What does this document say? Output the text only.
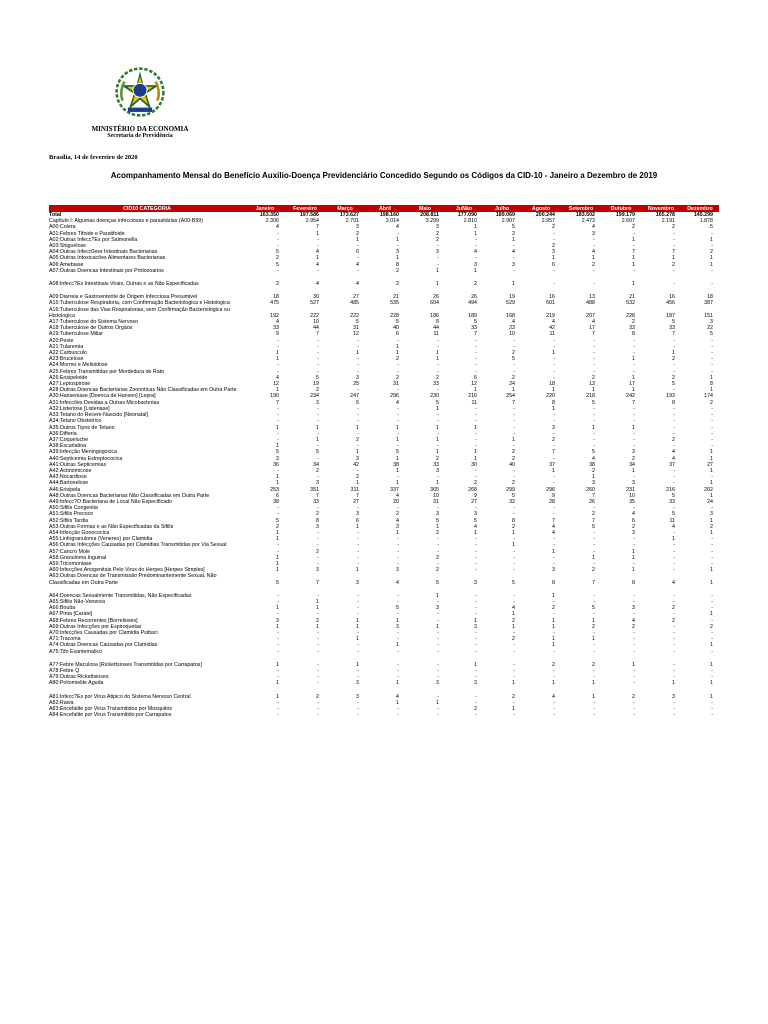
MINISTÉRIO DA ECONOMIA
Secretaria de Previdência
Brasília, 14 de fevereiro de 2020
Acompanhamento Mensal do Benefício Auxílio-Doença Previdenciário Concedido Segundo os Códigos da CID-10 - Janeiro a Dezembro de 2019
CID10 CATEGORIA	Janeiro	Fevereiro	Março	Abril	Maio	JuNão	Julho	Agosto	Setembro	Outubro	Novembro	Dezembro
Total	163.350	197.586	173.627	198.160	208.811	177.090	189.069	200.244	183.502	199.179	165.278	145.299
Capítulo I: Algumas doenças infecciosas e parasitárias (A00-B99)	2.306	2.954	2.701	3.014	3.299	2.810	2.907	2.957	2.473	2.607	2.191	1.878
A00:Colera	4	7	3	4	3	1	5	2	4	2	2	5
A01:Febres Tifoide e Paratifoide	-	1	2	-	2	1	2	-	3	-	-	-
A02:Outras Infecc?Es por Salmonella	-	-	1	1	2	-	1	-	-	1	-	1
A03:Shiguelose	-	-	-	-	-	-	-	2	-	-	-	-
A04:Outras Infecc0ess Intestinais Bacterianas	5	4	6	3	3	4	4	3	4	7	7	2
A05:Outras Intoxicacões Alimentares Bacterianas	2	1	-	1	-	-	-	1	1	1	1	1
A06:Amebiase	5	4	4	8	-	3	3	6	2	1	2	1
A07:Outras Doencas Intestinais por Protozoarios	-	-	-	2	1	1	-	-	-	-	-	-

A08:Infecc?Es Intestinais Virais, Outras e as Não Especificadas	2	4	4	2	1	2	1	-	-	1	-	-

A09:Diarreia e Gastroenterite de Origem Infecciosa Presumivel	18	30	27	21	26	26	19	16	13	21	16	18
A15:Tuberculose Respiratoria, com Confirmação Bacteriologica e Histologica	475	527	485	535	604	494	529	601	488	532	456	387
A16:Tuberculose das Vias Respiratorias, sem Confirmação Bacteriologica ou Histologica	192	222	222	228	186	189	168	219	207	228	187	151
A17:Tuberculose do Sistema Nervoso	4	10	5	5	8	5	4	4	4	2	5	3
A18:Tuberculose de Outros Orgãos	33	44	31	40	44	33	23	42	17	33	33	22
A19:Tuberculose Miliar	9	7	12	6	11	7	10	11	7	8	7	5
A20:Peste	-	-	-	-	-	-	-	-	-	-	-	-
A21:Tularemia	-	-	-	1	-	-	-	-	-	-	-	-
A22:Carbunculo	1	-	1	1	1	-	2	1	-	-	1	-
A23:Brucelose	1	-	-	2	1	-	5	-	-	1	2	-
A24:Mormo e Melioidose	-	-	-	-	-	-	-	-	-	-	-	-
A25:Febres Transmitidas por Mordedura de Rato	-	-	-	-	-	-	-	-	-	-	-	-
A26:Erisipeloide	4	5	3	2	2	6	2	-	2	1	2	1
A27:Leptospirose	12	19	25	31	33	12	24	18	13	17	5	8
A28:Outras Doencas Bacterianas Zoonoticas Não Classificadas em Outra Parte	1	2	-	-	-	1	1	1	1	1	-	1
A30:Hanseniase [Doenca de Hansen] [Lepra]	190	234	247	296	230	216	254	220	218	242	193	174
A31:Infeccões Devidas a Outras Micobacterias	7	3	5	4	5	11	7	8	5	7	8	2
A32:Listeriose [Listeriase]	-	-	-	-	1	-	-	1	-	-	-	-
A33:Tetano do Recem-Nascido [Neonatal]	-	-	-	-	-	-	-	-	-	-	-	-
A34:Tetano Obstetrico	-	-	-	-	-	-	-	-	-	-	-	-
A35:Outros Tipos de Tetano	1	1	1	1	1	1	-	3	1	1	-	-
A36:Difteria	-	-	-	-	-	-	-	-	-	-	-	-
A37:Coqueluche	-	1	2	1	1	-	1	2	-	-	2	-
A38:Escarlatina	1	-	-	-	-	-	-	-	-	-	-	-
A39:Infecção Meningogocica	5	5	1	5	1	1	2	7	5	3	4	1
A40:Septicemia Estreptococica	3	-	3	1	2	1	2	-	4	2	4	1
A41:Outras Septicemias	36	34	42	38	33	30	40	37	38	34	37	27
A42:Actinomicose	-	2	-	1	3	-	-	1	2	1	-	1
A43:Nocardiose	1	-	2	-	-	-	-	-	1	-	-	-
A44:Bartonelose	1	3	1	1	1	2	2	-	3	3	-	1
A46:Erisipela	253	351	311	337	365	268	299	296	260	231	216	202
A48:Outras Doencas Bacterianas Não Classificadas em Outra Parte	6	7	7	4	10	9	5	9	7	10	5	1
A49:Infecc?O Bacteriana de Local Não Especificado	38	33	27	20	31	27	32	28	26	35	33	24
A50:Sifilis Congenita	-	-	-	-	-	-	-	-	-	-	-	-
A51:Sifilis Precoce	-	2	3	2	3	3	-	-	2	4	5	3
A52:Sifilis Tardia	5	8	6	4	5	5	8	7	7	6	11	1
A53:Outras Formas e as Não Especificadas da Sifilis	2	3	1	3	1	4	2	4	5	2	4	2
A54:Infecção Gonococica	1	-	-	1	2	1	1	4	-	3	-	1
A55:Linfogranuloma (Venereo) por Clamidia	1	-	-	-	-	-	-	-	-	-	1	-
A56:Outras Infecções Causadas por Clamidias Transmitidas por Via Sexual	-	-	-	-	-	-	1	-	-	-	-	-
A57:Cancro Mole	-	2	-	-	-	-	-	1	-	1	-	-
A58:Granuloma Inguinal	1	-	-	-	2	-	-	-	1	1	-	-
A59:Tricomoniase	1	-	-	-	-	-	-	-	-	-	-	-
A60:Infecções Anogenitais Pelo Virus do Herpes [Herpes Simples]	1	3	1	3	2	-	-	3	2	1	-	1
A63:Outras Doencas de Transmissão Predominantemente Sexual, Não Classificadas em Outra Parte	5	7	3	4	5	3	5	8	7	8	4	1

A64:Doencas Sexualmente Transmitidas, Não Especificadas	-	-	-	-	1	-	-	1	-	-	-	-
A65:Sifilis Não-Venerea	-	1	-	-	-	-	-	-	-	-	-	-
A66:Bouba	1	1	-	5	3	-	4	2	5	3	2	-
A67:Pinta [Carate]	-	-	-	-	-	-	1	-	-	-	-	1
A68:Febres Recorrentes [Borrelioses]	3	2	1	1	-	1	2	1	1	4	2	-
A69:Outras Infecções por Espiroquetas	1	1	1	3	1	3	1	1	2	2	-	2
A70:Infecções Causadas por Clamidia Psittaci	-	-	-	-	-	-	-	-	-	-	-	-
A71:Tracoma	-	-	1	-	-	-	2	1	1	-	-	-
A74:Outras Doencas Causadas por Clamidias	-	-	-	1	-	-	-	1	-	-	-	1
A75:Tifo Exantematico	-	-	-	-	-	-	-	-	-	-	-	-

A77:Febre Maculosa [Rickettsioses Transmitidas por Carrapatos]	1	-	1	-	-	1	-	2	2	1	-	1
A78:Febre Q	-	-	-	-	-	-	-	-	-	-	-	-
A79:Outras Rickettsioses	-	-	-	-	-	-	-	-	-	-	-	-
A80:Poliomielite Aguda	1	-	3	1	3	3	1	1	1	-	1	1

A81:Infecc?Es por Virus Atipico do Sistema Nervoso Central	1	2	3	4	-	-	2	4	1	2	3	1
A82:Raiva	-	-	-	1	1	-	-	-	-	-	-	-
A83:Encefalite por Virus Transmitidos por Mosquitos	-	-	-	-	-	2	1	-	-	-	-	-
A84:Encefalite por Virus Transmitido por Carrapatos	-	-	-	-	-	-	-	-	-	-	-	-
